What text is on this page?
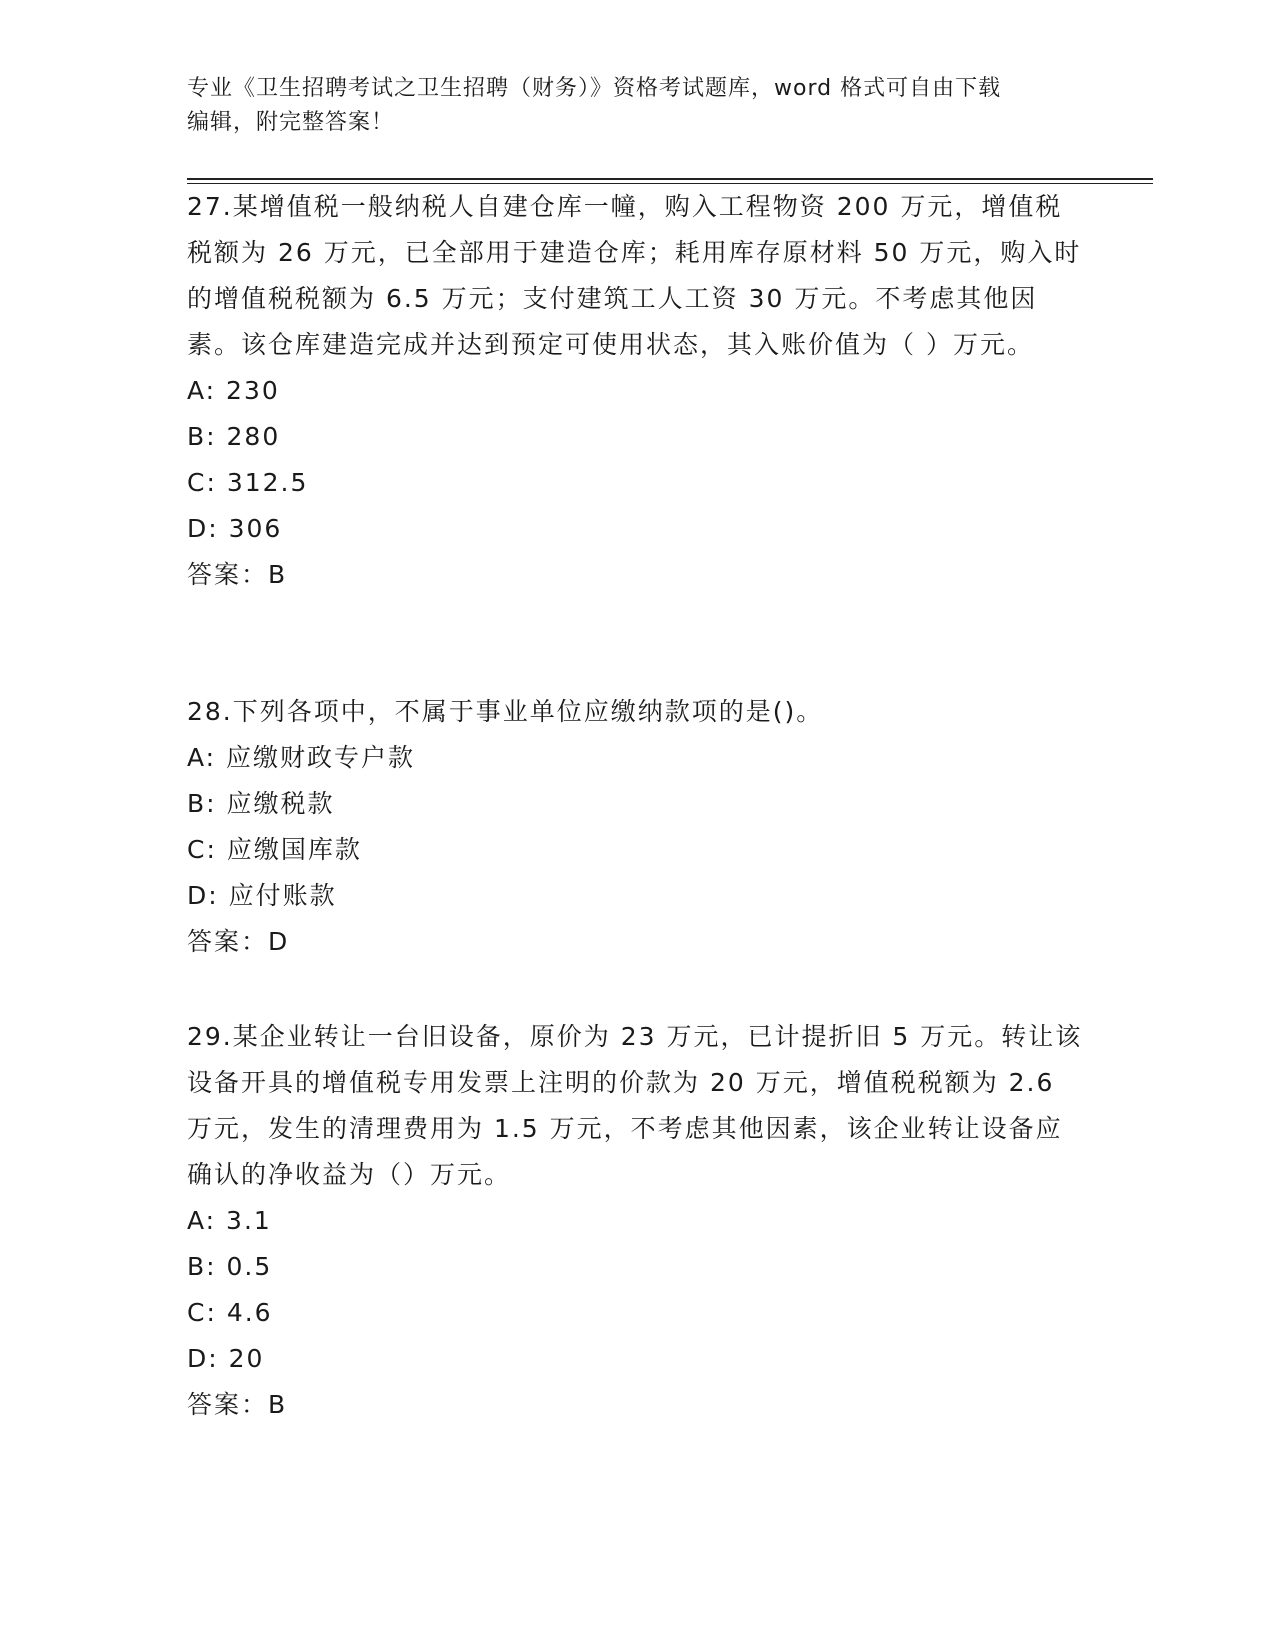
专业《卫生招聘考试之卫生招聘（财务）》资格考试题库，word 格式可自由下载
编辑，附完整答案！

27.某增值税一般纳税人自建仓库一幢，购入工程物资 200 万元，增值税税额为 26 万元，已全部用于建造仓库；耗用库存原材料 50 万元，购入时的增值税税额为 6.5 万元；支付建筑工人工资 30 万元。不考虑其他因素。该仓库建造完成并达到预定可使用状态，其入账价值为（ ）万元。

A: 230

B: 280

C: 312.5

D: 306

答案：B

28.下列各项中，不属于事业单位应缴纳款项的是()。

A: 应缴财政专户款

B: 应缴税款

C: 应缴国库款

D: 应付账款

答案：D

29.某企业转让一台旧设备，原价为 23 万元，已计提折旧 5 万元。转让该设备开具的增值税专用发票上注明的价款为 20 万元，增值税税额为 2.6 万元，发生的清理费用为 1.5 万元，不考虑其他因素，该企业转让设备应确认的净收益为（）万元。

A: 3.1

B: 0.5

C: 4.6

D: 20

答案：B
